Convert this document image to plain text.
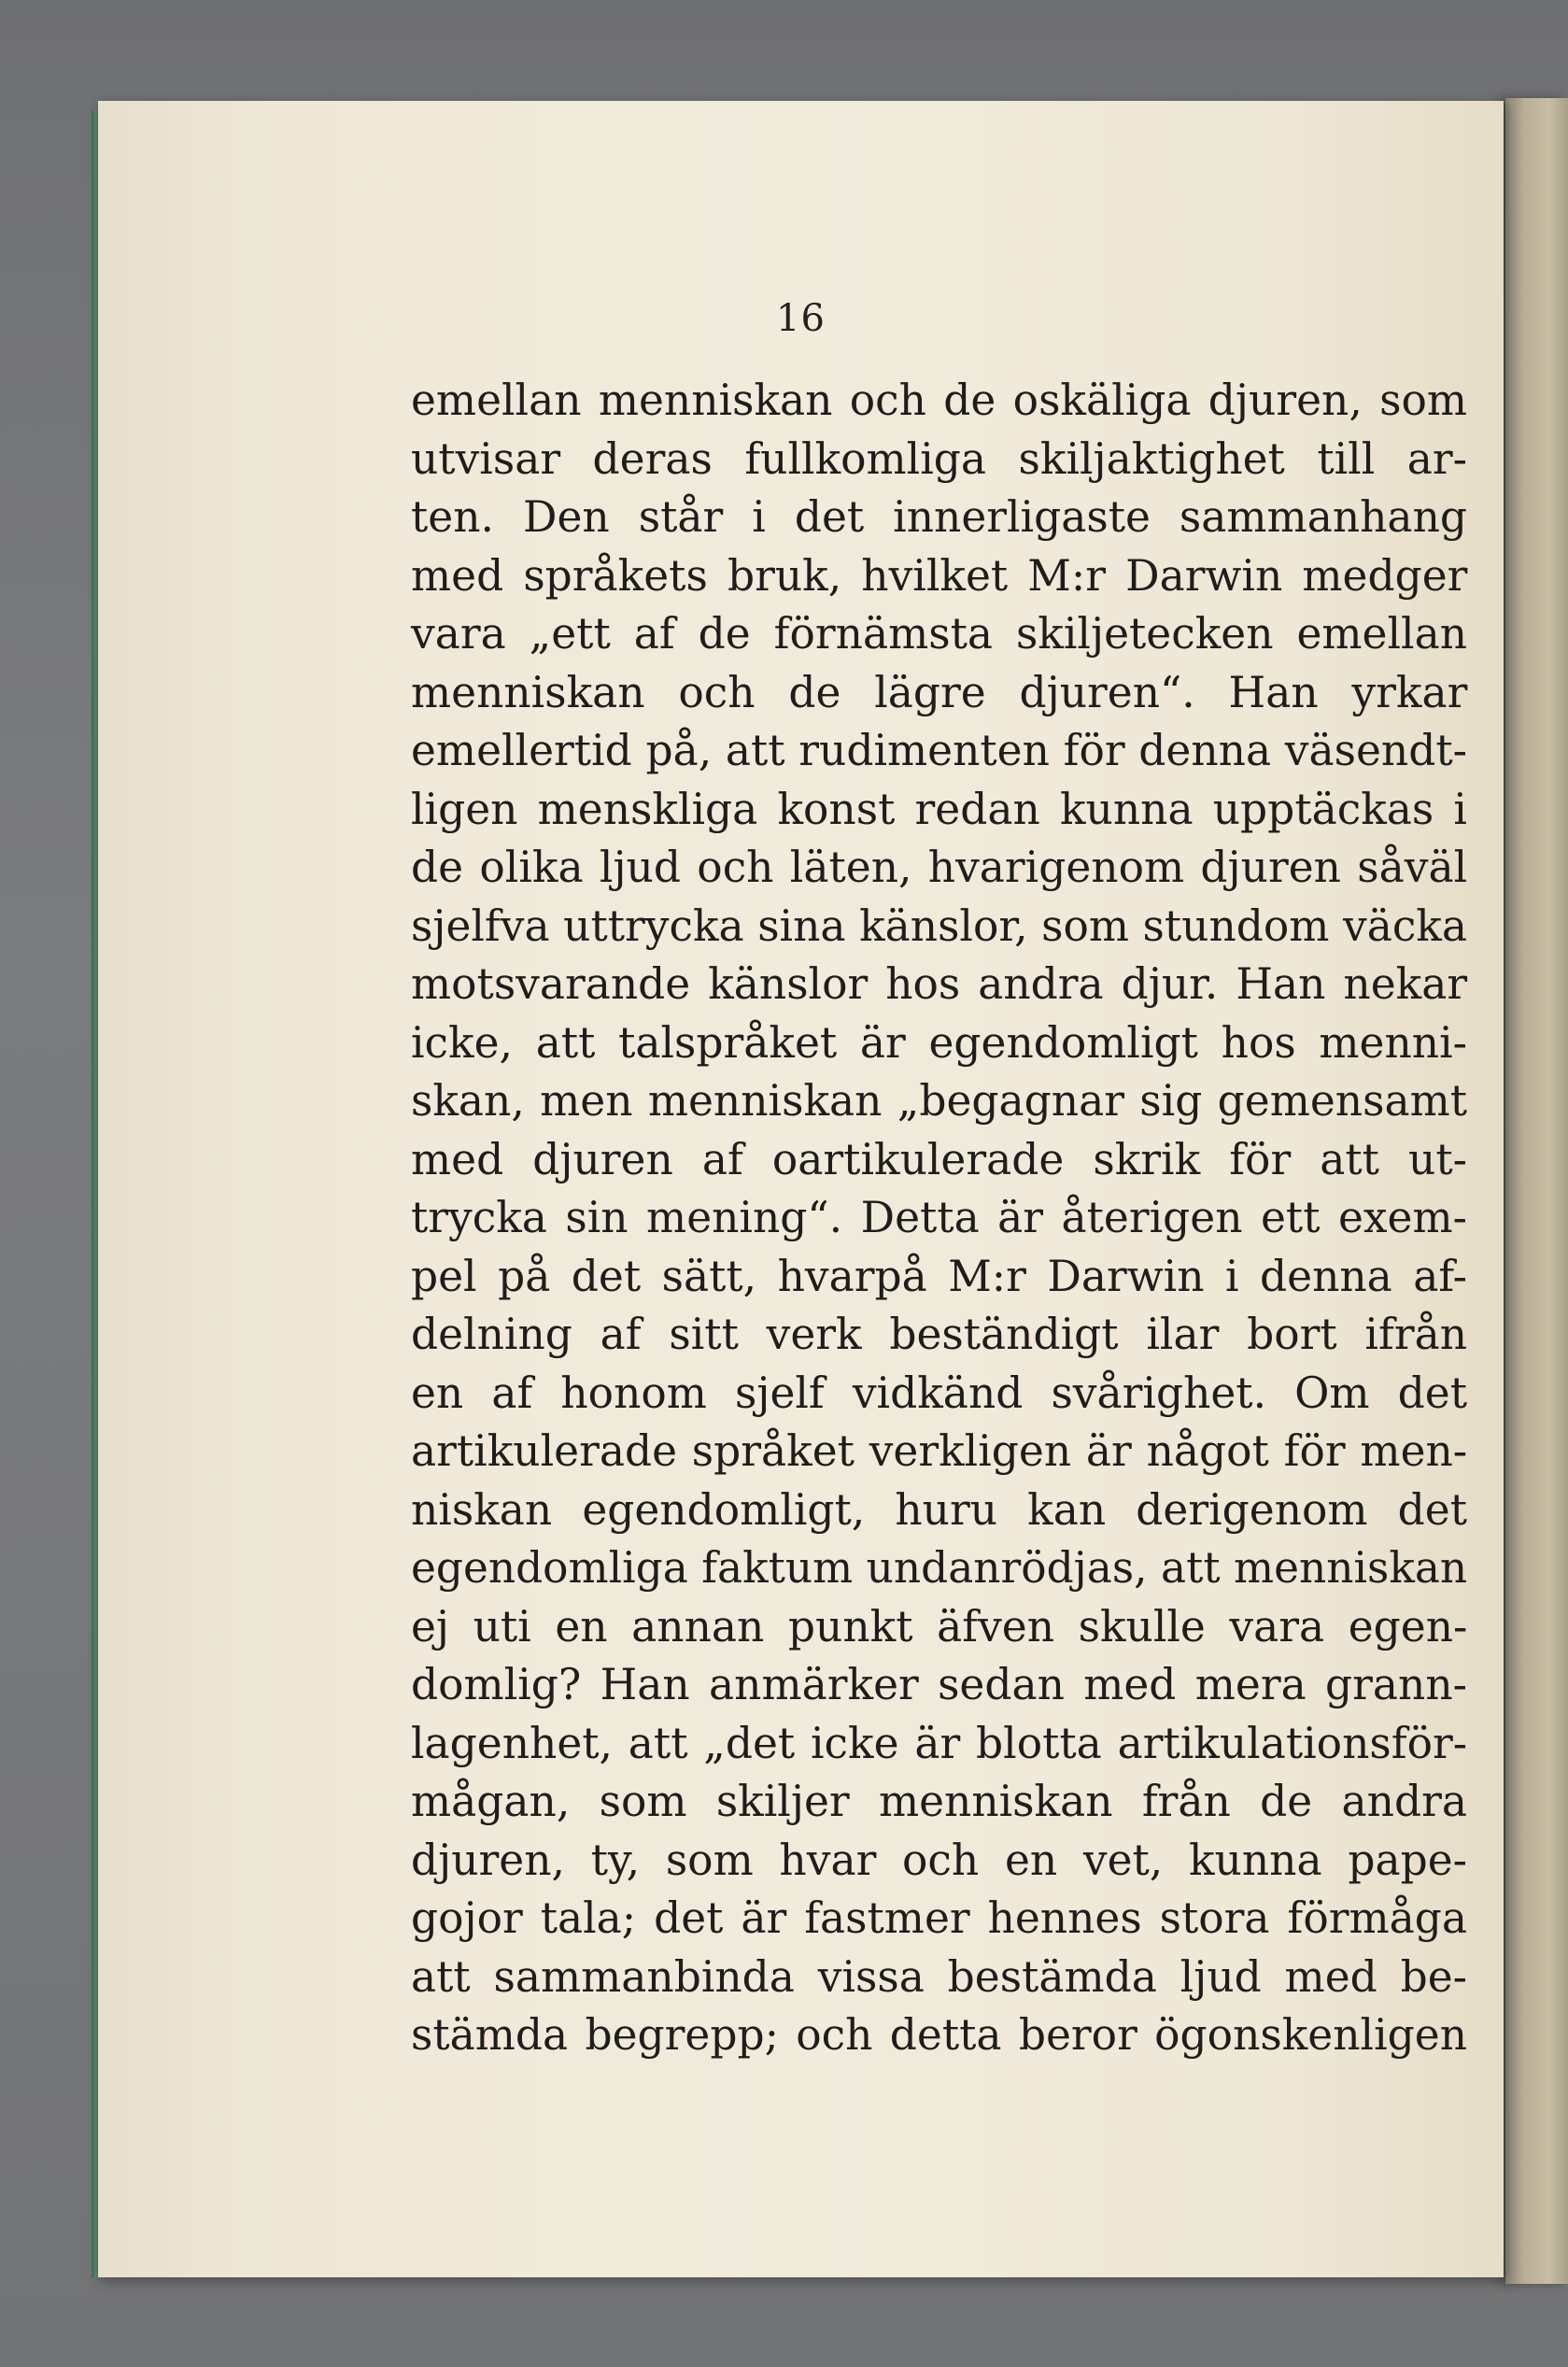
16
emellan menniskan och de oskäliga djuren, som
utvisar deras fullkomliga skiljaktighet till ar-
ten. Den står i det innerligaste sammanhang
med språkets bruk, hvilket M:r Darwin medger
vara „ett af de förnämsta skiljetecken emellan
menniskan och de lägre djuren“. Han yrkar
emellertid på, att rudimenten för denna väsendt-
ligen menskliga konst redan kunna upptäckas i
de olika ljud och läten, hvarigenom djuren såväl
sjelfva uttrycka sina känslor, som stundom väcka
motsvarande känslor hos andra djur. Han nekar
icke, att talspråket är egendomligt hos menni-
skan, men menniskan „begagnar sig gemensamt
med djuren af oartikulerade skrik för att ut-
trycka sin mening“. Detta är återigen ett exem-
pel på det sätt, hvarpå M:r Darwin i denna af-
delning af sitt verk beständigt ilar bort ifrån
en af honom sjelf vidkänd svårighet. Om det
artikulerade språket verkligen är något för men-
niskan egendomligt, huru kan derigenom det
egendomliga faktum undanrödjas, att menniskan
ej uti en annan punkt äfven skulle vara egen-
domlig? Han anmärker sedan med mera grann-
lagenhet, att „det icke är blotta artikulationsför-
mågan, som skiljer menniskan från de andra
djuren, ty, som hvar och en vet, kunna papе-
gojor tala; det är fastmer hennes stora förmåga
att sammanbinda vissa bestämda ljud med be-
stämda begrepp; och detta beror ögonskenligen
